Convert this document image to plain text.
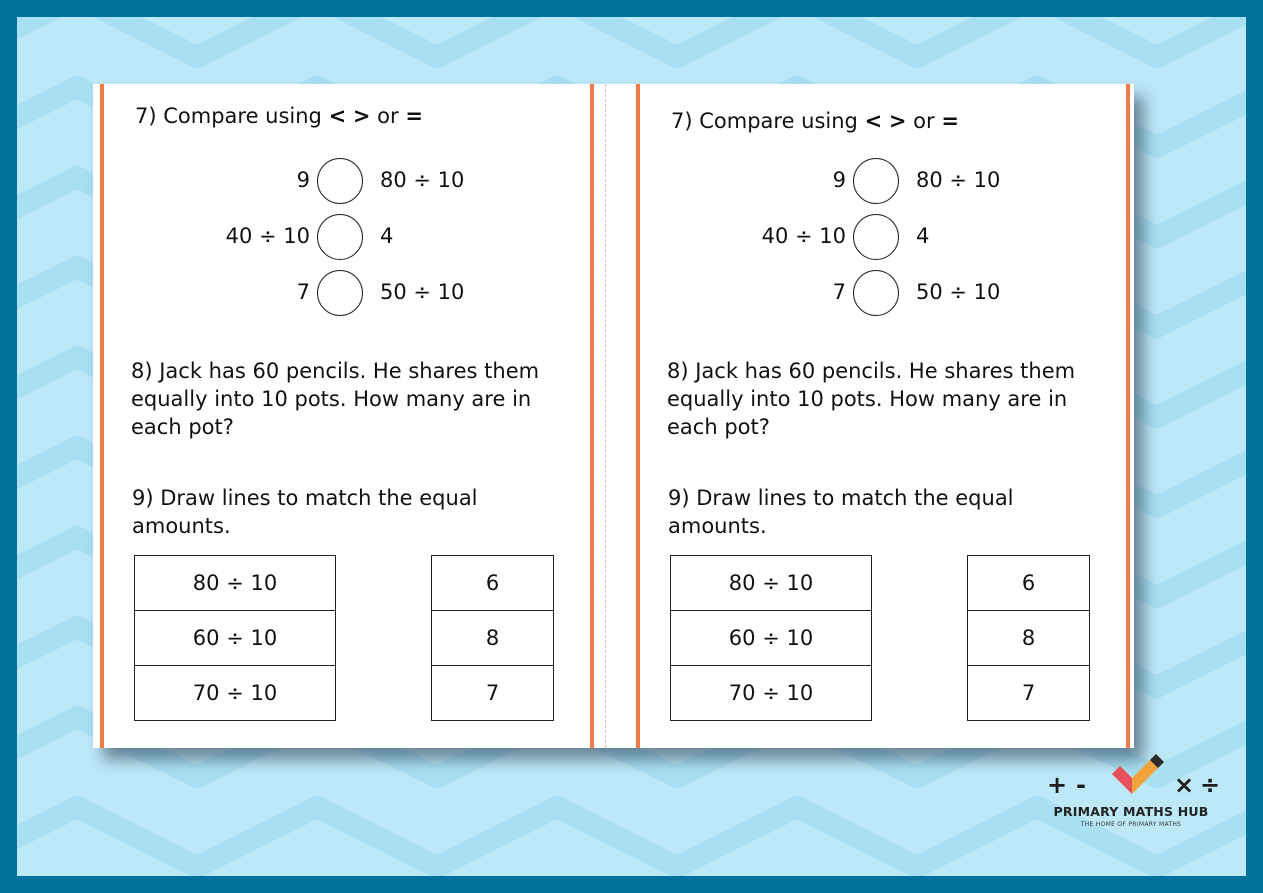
7) Compare using < > or =

9	80 ÷ 10
40 ÷ 10	4
7	50 ÷ 10

8) Jack has 60 pencils. He shares them equally into 10 pots. How many are in each pot?

9) Draw lines to match the equal amounts.

80 ÷ 10
60 ÷ 10
70 ÷ 10
6
8
7

7) Compare using < > or =

9	80 ÷ 10
40 ÷ 10	4
7	50 ÷ 10

8) Jack has 60 pencils. He shares them equally into 10 pots. How many are in each pot?

9) Draw lines to match the equal amounts.

80 ÷ 10
60 ÷ 10
70 ÷ 10
6
8
7
+ -	× ÷
PRIMARY MATHS HUB
THE HOME OF PRIMARY MATHS
